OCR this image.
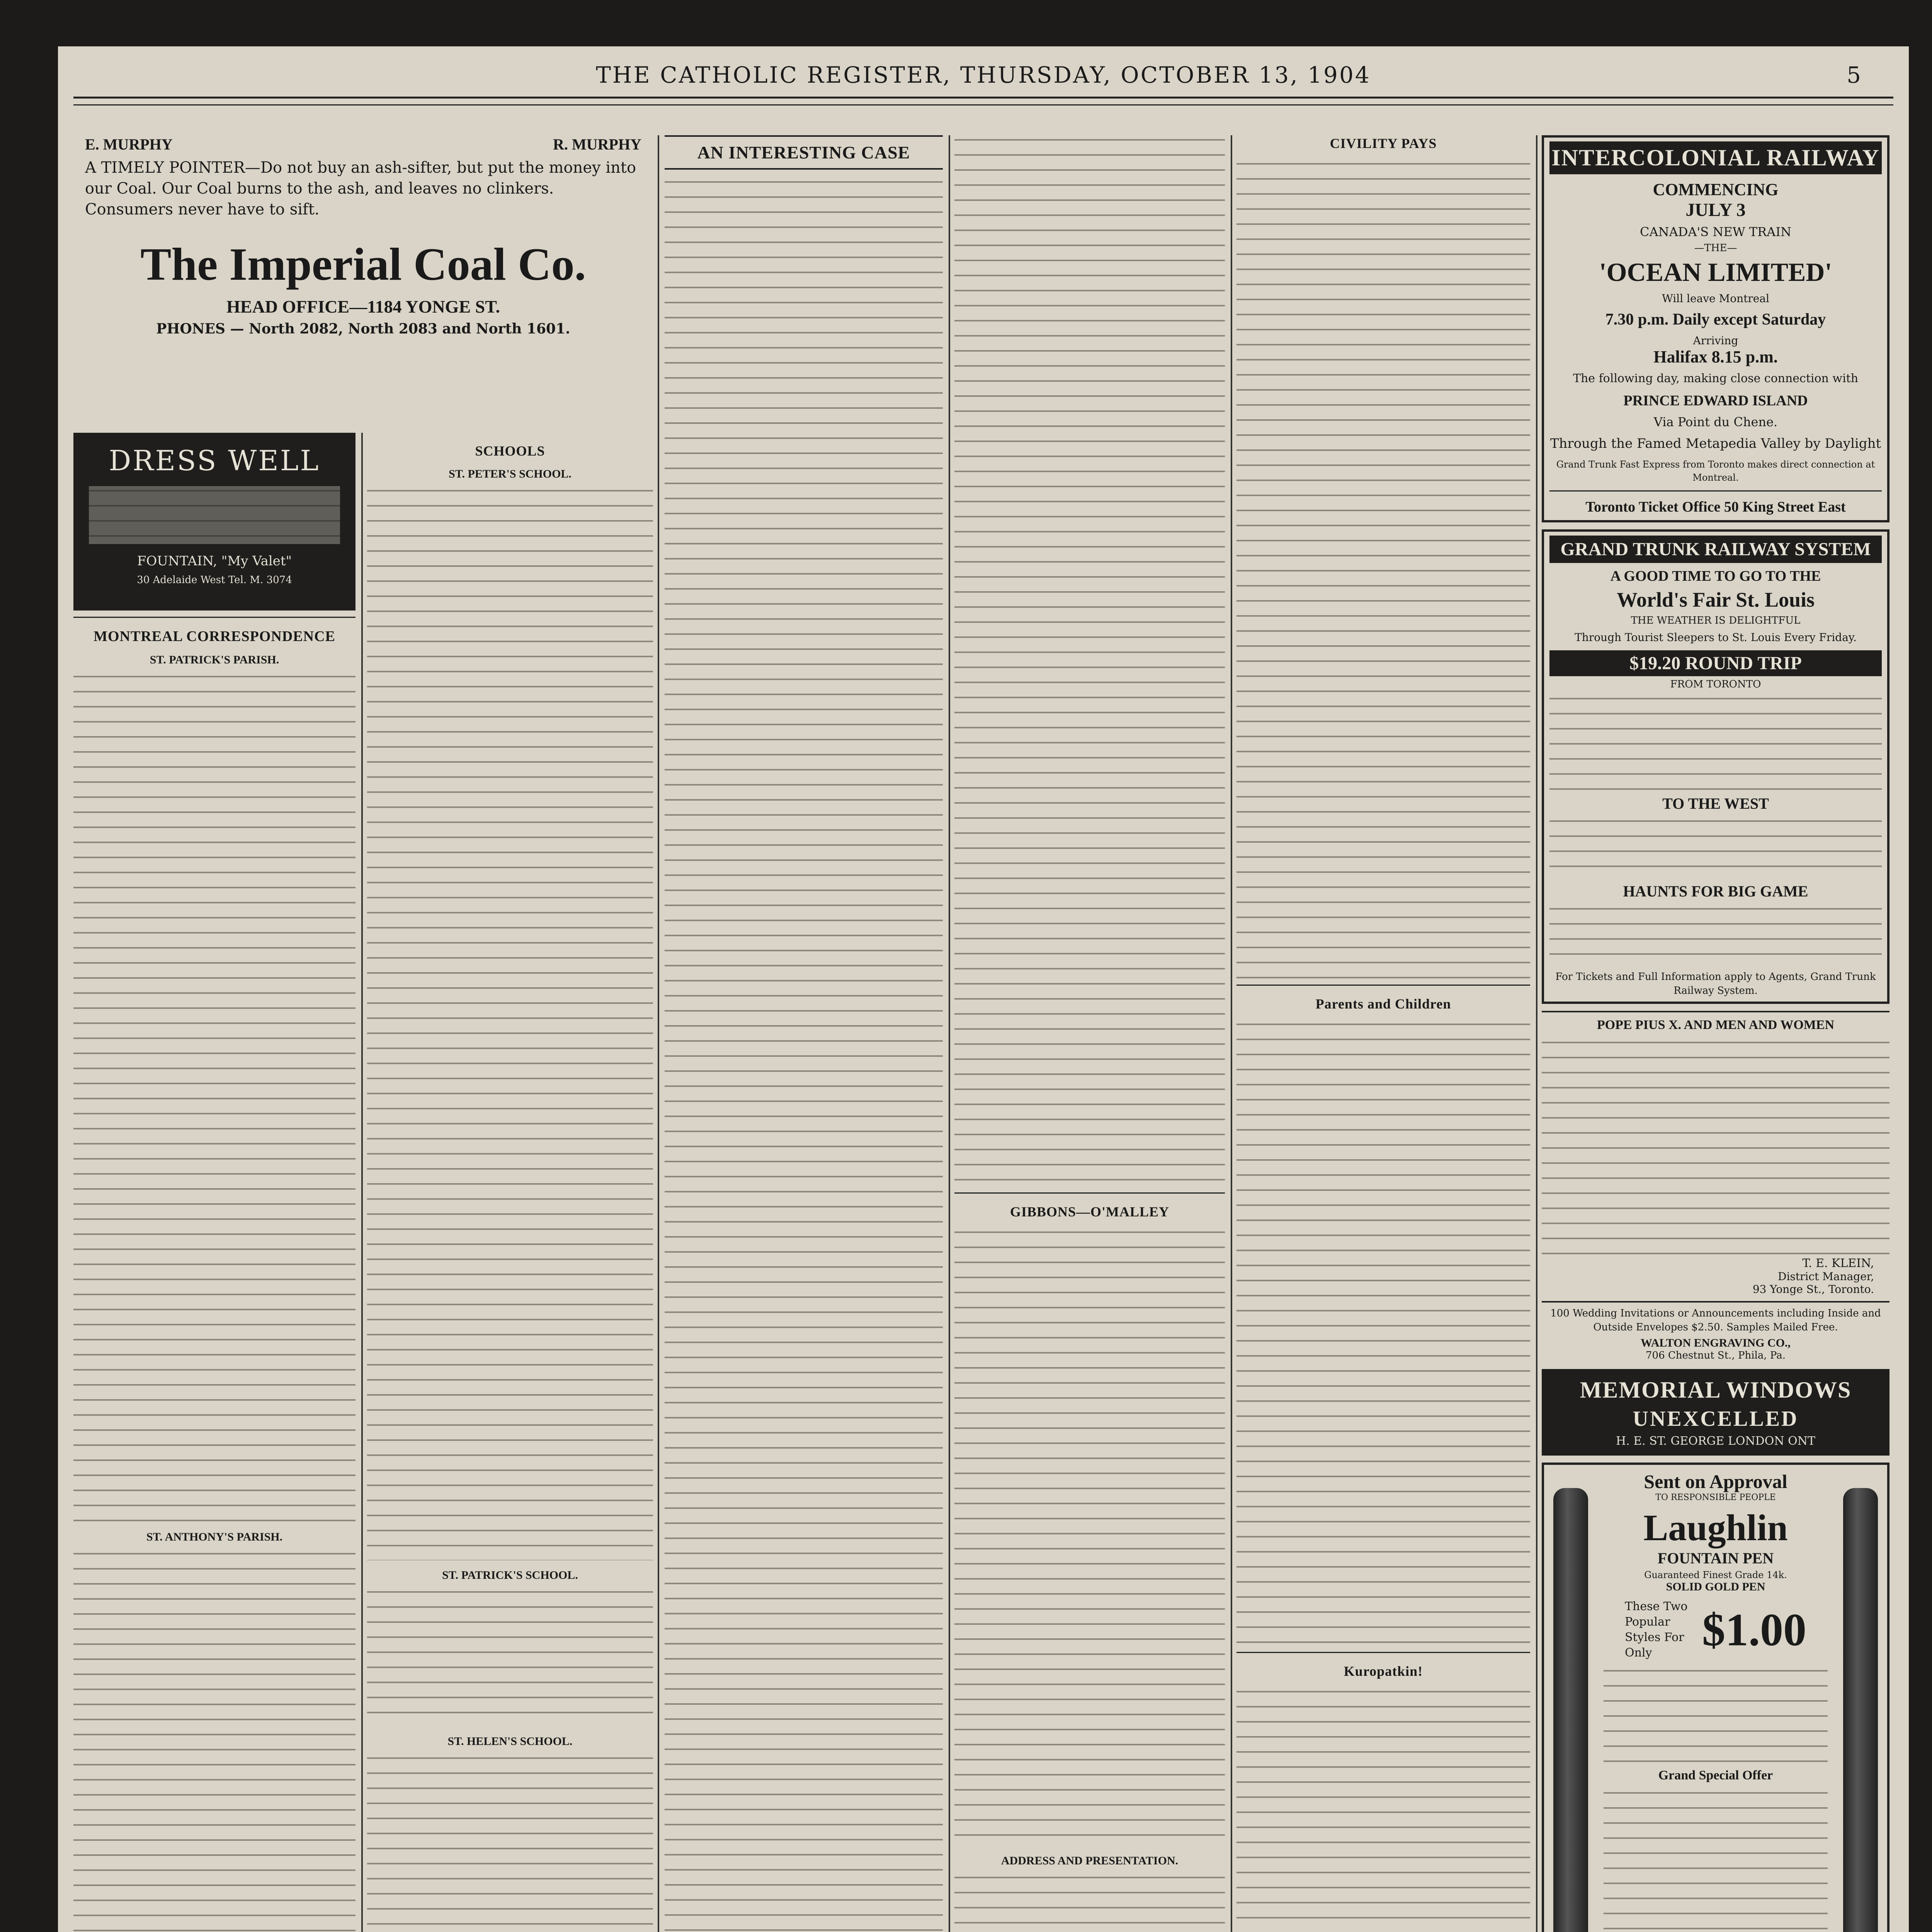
THE CATHOLIC REGISTER, THURSDAY, OCTOBER 13, 1904	5
E. MURPHY	R. MURPHY
A TIMELY POINTER—Do not buy an ash-sifter, but put the money into our Coal. Our Coal burns to the ash, and leaves no clinkers. Consumers never have to sift.
The Imperial Coal Co.
HEAD OFFICE—1184 YONGE ST.
PHONES — North 2082, North 2083 and North 1601.
DRESS WELL
FOUNTAIN, "My Valet"
30 Adelaide West Tel. M. 3074
MONTREAL CORRESPONDENCE
ST. PATRICK'S PARISH.
ST. ANTHONY'S PARISH.
SCHOOLS
ST. PETER'S SCHOOL.
ST. PATRICK'S SCHOOL.
ST. HELEN'S SCHOOL.
AN INTERESTING CASE
GIBBONS—O'MALLEY
ADDRESS AND PRESENTATION.
CIVILITY PAYS
Parents and Children
Kuropatkin!
INTERCOLONIAL RAILWAY
COMMENCING
JULY 3
CANADA'S NEW TRAIN
—THE—
'OCEAN LIMITED'
Will leave Montreal
7.30 p.m. Daily except Saturday
Arriving
Halifax 8.15 p.m.
The following day, making close connection with
PRINCE EDWARD ISLAND
Via Point du Chene.
Through the Famed Metapedia Valley by Daylight
Grand Trunk Fast Express from Toronto makes direct connection at Montreal.
Toronto Ticket Office 50 King Street East
GRAND TRUNK RAILWAY SYSTEM
A GOOD TIME TO GO TO THE
World's Fair St. Louis
THE WEATHER IS DELIGHTFUL
Through Tourist Sleepers to St. Louis Every Friday.
$19.20 ROUND TRIP
FROM TORONTO
TO THE WEST
HAUNTS FOR BIG GAME
For Tickets and Full Information apply to Agents, Grand Trunk Railway System.
POPE PIUS X. AND MEN AND WOMEN
T. E. KLEIN,
District Manager,
93 Yonge St., Toronto.
100 Wedding Invitations or Announcements including Inside and Outside Envelopes $2.50. Samples Mailed Free.
WALTON ENGRAVING CO.,
706 Chestnut St., Phila, Pa.
MEMORIAL WINDOWS
UNEXCELLED
H. E. ST. GEORGE LONDON ONT
Sent on Approval
TO RESPONSIBLE PEOPLE
Laughlin
FOUNTAIN PEN
Guaranteed Finest Grade 14k.
SOLID GOLD PEN
These Two Popular Styles For Only	$1.00
Grand Special Offer
